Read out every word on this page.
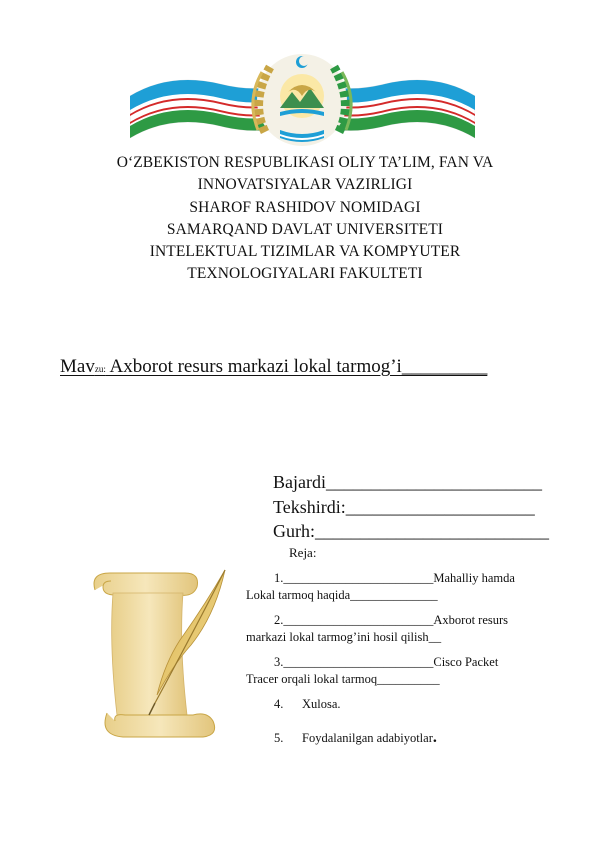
O‘ZBEKISTON RESPUBLIKASI OLIY TA’LIM, FAN VA
INNOVATSIYALAR VAZIRLIGI
SHAROF RASHIDOV NOMIDAGI
SAMARQAND DAVLAT UNIVERSITETI
INTELEKTUAL TIZIMLAR VA KOMPYUTER
TEXNOLOGIYALARI FAKULTETI
Mavzu: Axborot resurs markazi lokal tarmog’i_________
Bajardi________________________
Tekshirdi:_____________________
Gurh:__________________________
Reja:
1.________________________Mahalliy hamda
Lokal tarmoq haqida______________
2.________________________Axborot resurs
markazi lokal tarmog’ini hosil qilish__
3.________________________Cisco Packet
Tracer orqali lokal tarmoq__________
4. Xulosa.
5. Foydalanilgan adabiyotlar.
